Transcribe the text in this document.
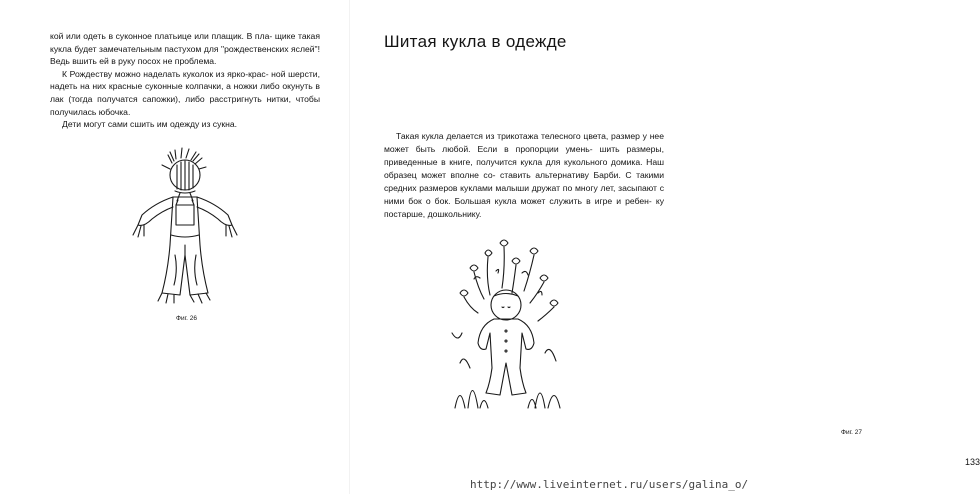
кой или одеть в суконное платьице или плащик. В пла- щике такая кукла будет замечательным пастухом для "рождественских яслей"! Ведь вшить ей в руку посох не проблема.

К Рождеству можно наделать куколок из ярко-крас- ной шерсти, надеть на них красные суконные колпачки, а ножки либо окунуть в лак (тогда получатся сапожки), либо расстригнуть нитки, чтобы получилась юбочка.

Дети могут сами сшить им одежду из сукна.

Фиг. 26
Шитая кукла в одежде

Такая кукла делается из трикотажа телесного цвета, размер у нее может быть любой. Если в пропорции умень- шить размеры, приведенные в книге, получится кукла для кукольного домика. Наш образец может вполне со- ставить альтернативу Барби. С такими средних размеров куклами малыши дружат по многу лет, засыпают с ними бок о бок. Большая кукла может служить в игре и ребен- ку постарше, дошкольнику.

Фиг. 27
133
http://www.liveinternet.ru/users/galina_o/
